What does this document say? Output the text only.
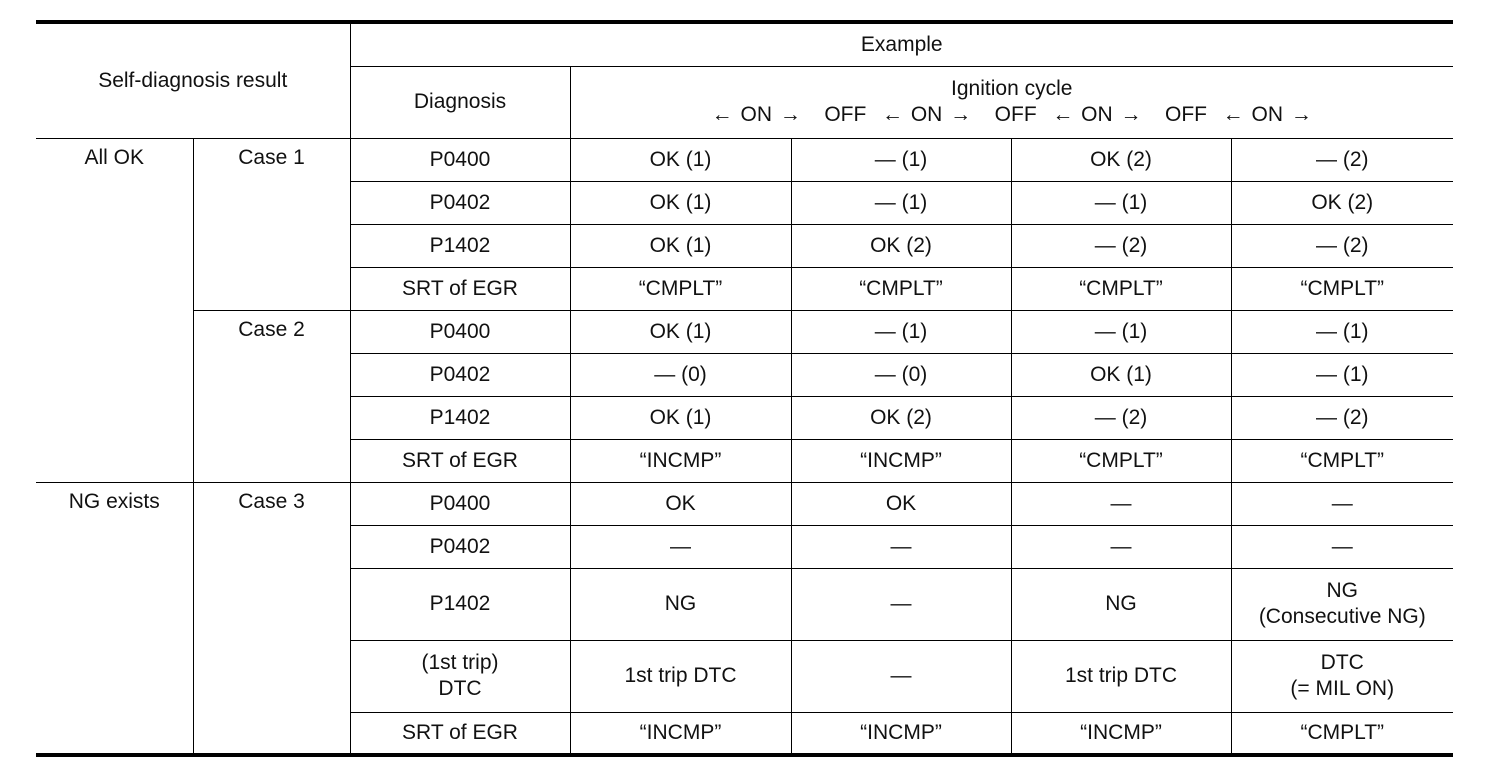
Self-diagnosis result		Example				
		Diagnosis	Ignition cycle
← ON →   OFF  ← ON →   OFF  ← ON →   OFF  ← ON →			

All OK	Case 1	P0400	OK (1)	— (1)	OK (2)	— (2)

		P0402	OK (1)	— (1)	— (1)	OK (2)

		P1402	OK (1)	OK (2)	— (2)	— (2)

		SRT of EGR	“CMPLT”	“CMPLT”	“CMPLT”	“CMPLT”

	Case 2	P0400	OK (1)	— (1)	— (1)	— (1)

		P0402	— (0)	— (0)	OK (1)	— (1)

		P1402	OK (1)	OK (2)	— (2)	— (2)

		SRT of EGR	“INCMP”	“INCMP”	“CMPLT”	“CMPLT”

NG exists	Case 3	P0400	OK	OK	—	—

		P0402	—	—	—	—

		P1402	NG	—	NG	NG
(Consecutive NG)

		(1st trip)
DTC	1st trip DTC	—	1st trip DTC	DTC
(= MIL ON)

		SRT of EGR	“INCMP”	“INCMP”	“INCMP”	“CMPLT”
